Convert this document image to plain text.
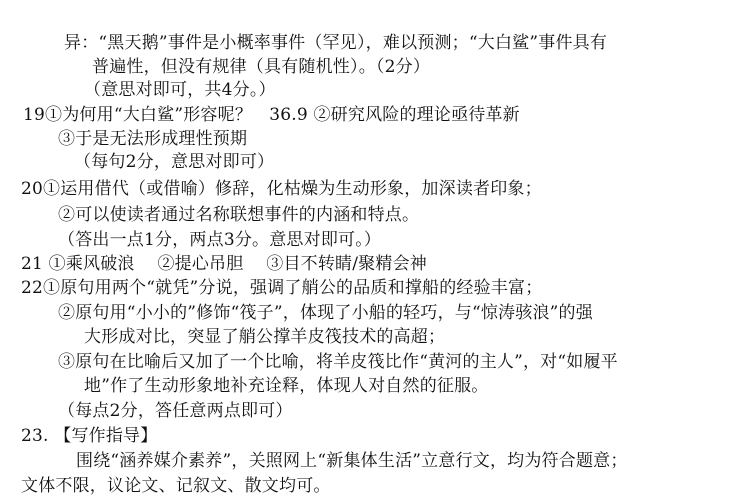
异：“黑天鹅”事件是小概率事件（罕见），难以预测；“大白鲨”事件具有
普遍性，但没有规律（具有随机性）。（2分）
（意思对即可，共4分。）
19①为何用“大白鲨”形容呢？　36.9 ②研究风险的理论亟待革新
③于是无法形成理性预期
（每句2分，意思对即可）
20①运用借代（或借喻）修辞，化枯燥为生动形象，加深读者印象；
②可以使读者通过名称联想事件的内涵和特点。
（答出一点1分，两点3分。意思对即可。）
21 ①乘风破浪　 ②提心吊胆　 ③目不转睛/聚精会神
22①原句用两个“就凭”分说，强调了艄公的品质和撑船的经验丰富；
②原句用“小小的”修饰“筏子”，体现了小船的轻巧，与“惊涛骇浪”的强
大形成对比，突显了艄公撑羊皮筏技术的高超；
③原句在比喻后又加了一个比喻，将羊皮筏比作“黄河的主人”，对“如履平
地”作了生动形象地补充诠释，体现人对自然的征服。
（每点2分，答任意两点即可）
23. 【写作指导】
围绕“涵养媒介素养”，关照网上“新集体生活”立意行文，均为符合题意；
文体不限，议论文、记叙文、散文均可。
